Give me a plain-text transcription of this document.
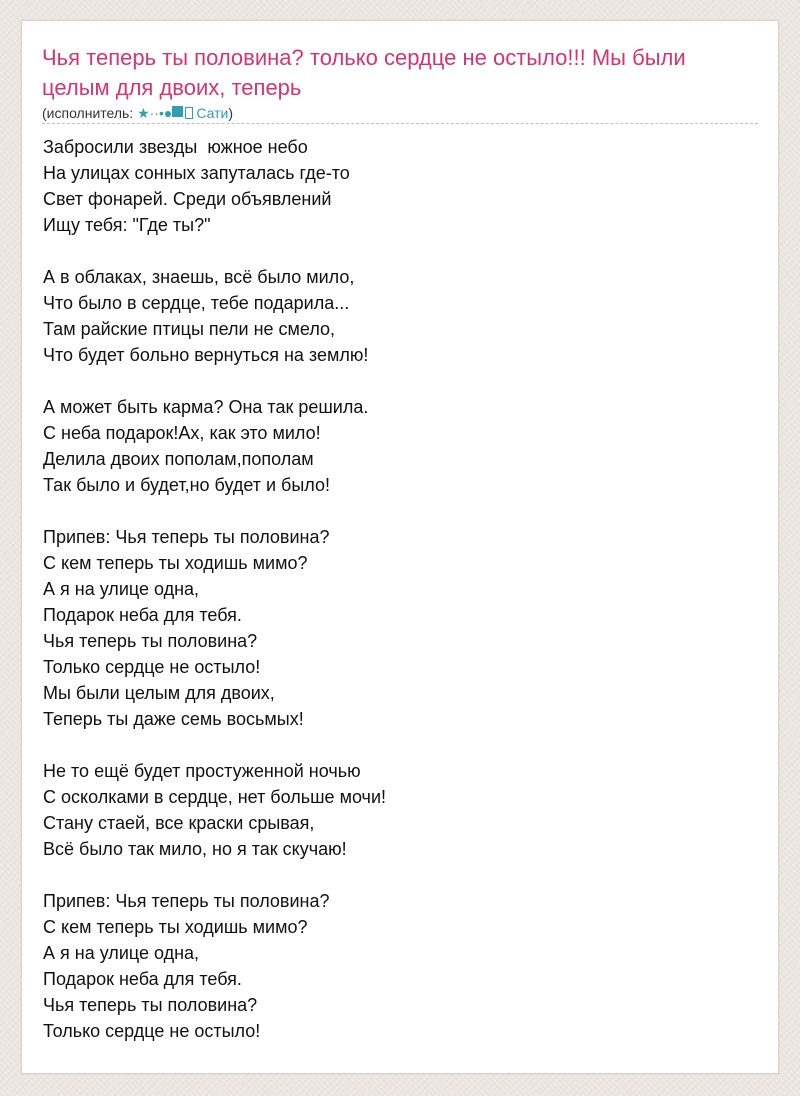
Чья теперь ты половина? только сердце не остыло!!! Мы были целым для двоих, теперь
(исполнитель: ★··•● Сати)
Забросили звезды  южное небо
На улицах сонных запуталась где-то
Свет фонарей. Среди объявлений
Ищу тебя: "Где ты?"
А в облаках, знаешь, всё было мило,
Что было в сердце, тебе подарила...
Там райские птицы пели не смело,
Что будет больно вернуться на землю!
А может быть карма? Она так решила.
С неба подарок!Ах, как это мило!
Делила двоих пополам,пополам
Так было и будет,но будет и было!
Припев: Чья теперь ты половина?
С кем теперь ты ходишь мимо?
А я на улице одна,
Подарок неба для тебя.
Чья теперь ты половина?
Только сердце не остыло!
Мы были целым для двоих,
Теперь ты даже семь восьмых!
Не то ещё будет простуженной ночью
С осколками в сердце, нет больше мочи!
Стану стаей, все краски срывая,
Всё было так мило, но я так скучаю!
Припев: Чья теперь ты половина?
С кем теперь ты ходишь мимо?
А я на улице одна,
Подарок неба для тебя.
Чья теперь ты половина?
Только сердце не остыло!
